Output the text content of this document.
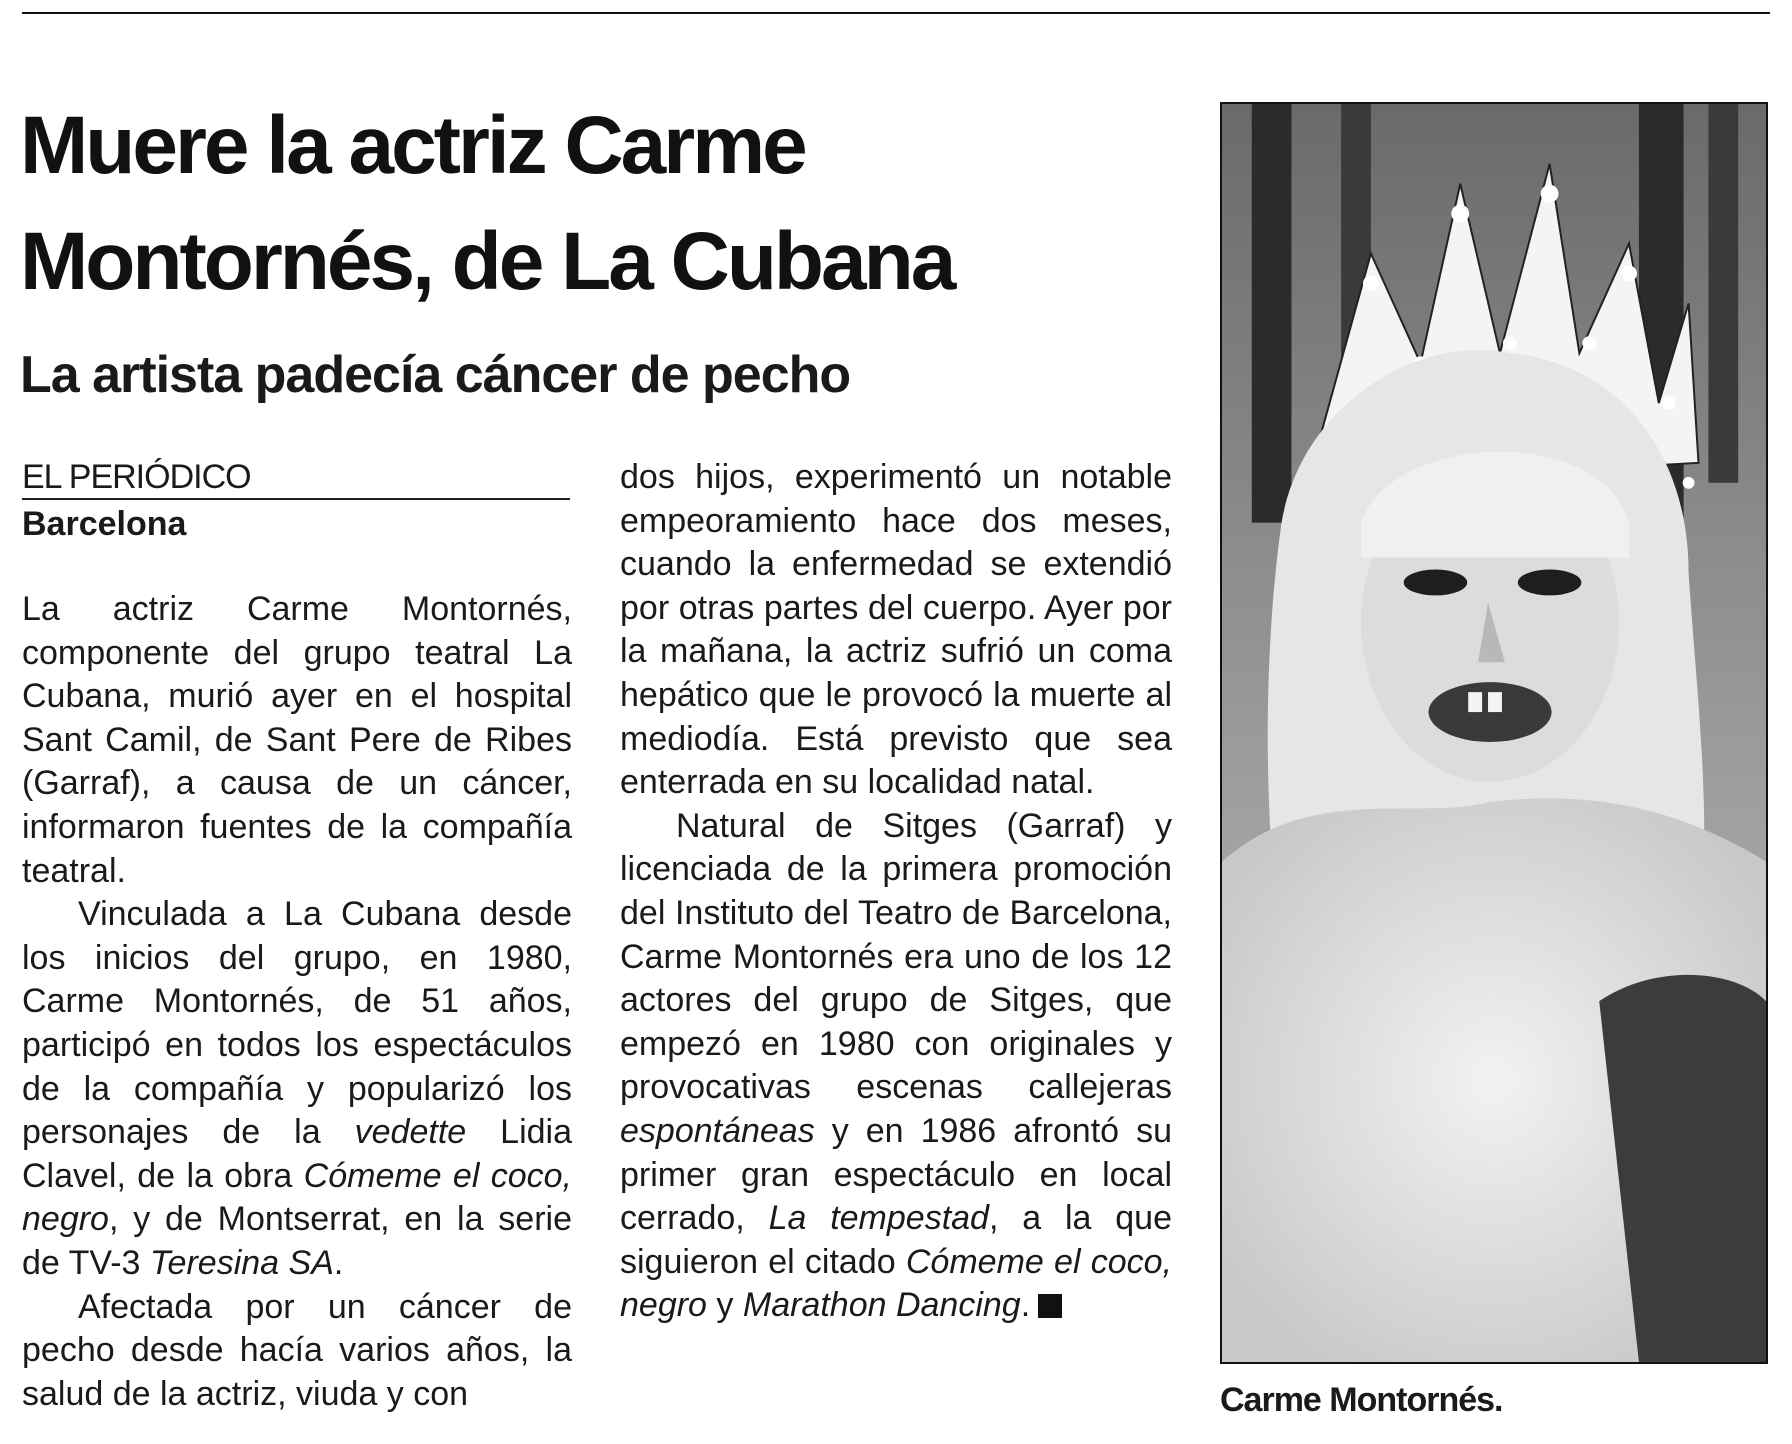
Muere la actriz Carme Montornés, de La Cubana
La artista padecía cáncer de pecho

EL PERIÓDICO

Barcelona

La actriz Carme Montornés, componente del grupo teatral La Cubana, murió ayer en el hospital Sant Camil, de Sant Pere de Ribes (Garraf), a causa de un cáncer, informaron fuentes de la compañía teatral.

Vinculada a La Cubana desde los inicios del grupo, en 1980, Carme Montornés, de 51 años, participó en todos los espectáculos de la compañía y popularizó los personajes de la vedette Lidia Clavel, de la obra Cómeme el coco, negro, y de Montserrat, en la serie de TV-3 Teresina SA.

Afectada por un cáncer de pecho desde hacía varios años, la salud de la actriz, viuda y con

dos hijos, experimentó un notable empeoramiento hace dos meses, cuando la enfermedad se extendió por otras partes del cuerpo. Ayer por la mañana, la actriz sufrió un coma hepático que le provocó la muerte al mediodía. Está previsto que sea enterrada en su localidad natal.

Natural de Sitges (Garraf) y licenciada de la primera promoción del Instituto del Teatro de Barcelona, Carme Montornés era uno de los 12 actores del grupo de Sitges, que empezó en 1980 con originales y provocativas escenas callejeras espontáneas y en 1986 afrontó su primer gran espectáculo en local cerrado, La tempestad, a la que siguieron el citado Cómeme el coco, negro y Marathon Dancing.

Carme Montornés.
